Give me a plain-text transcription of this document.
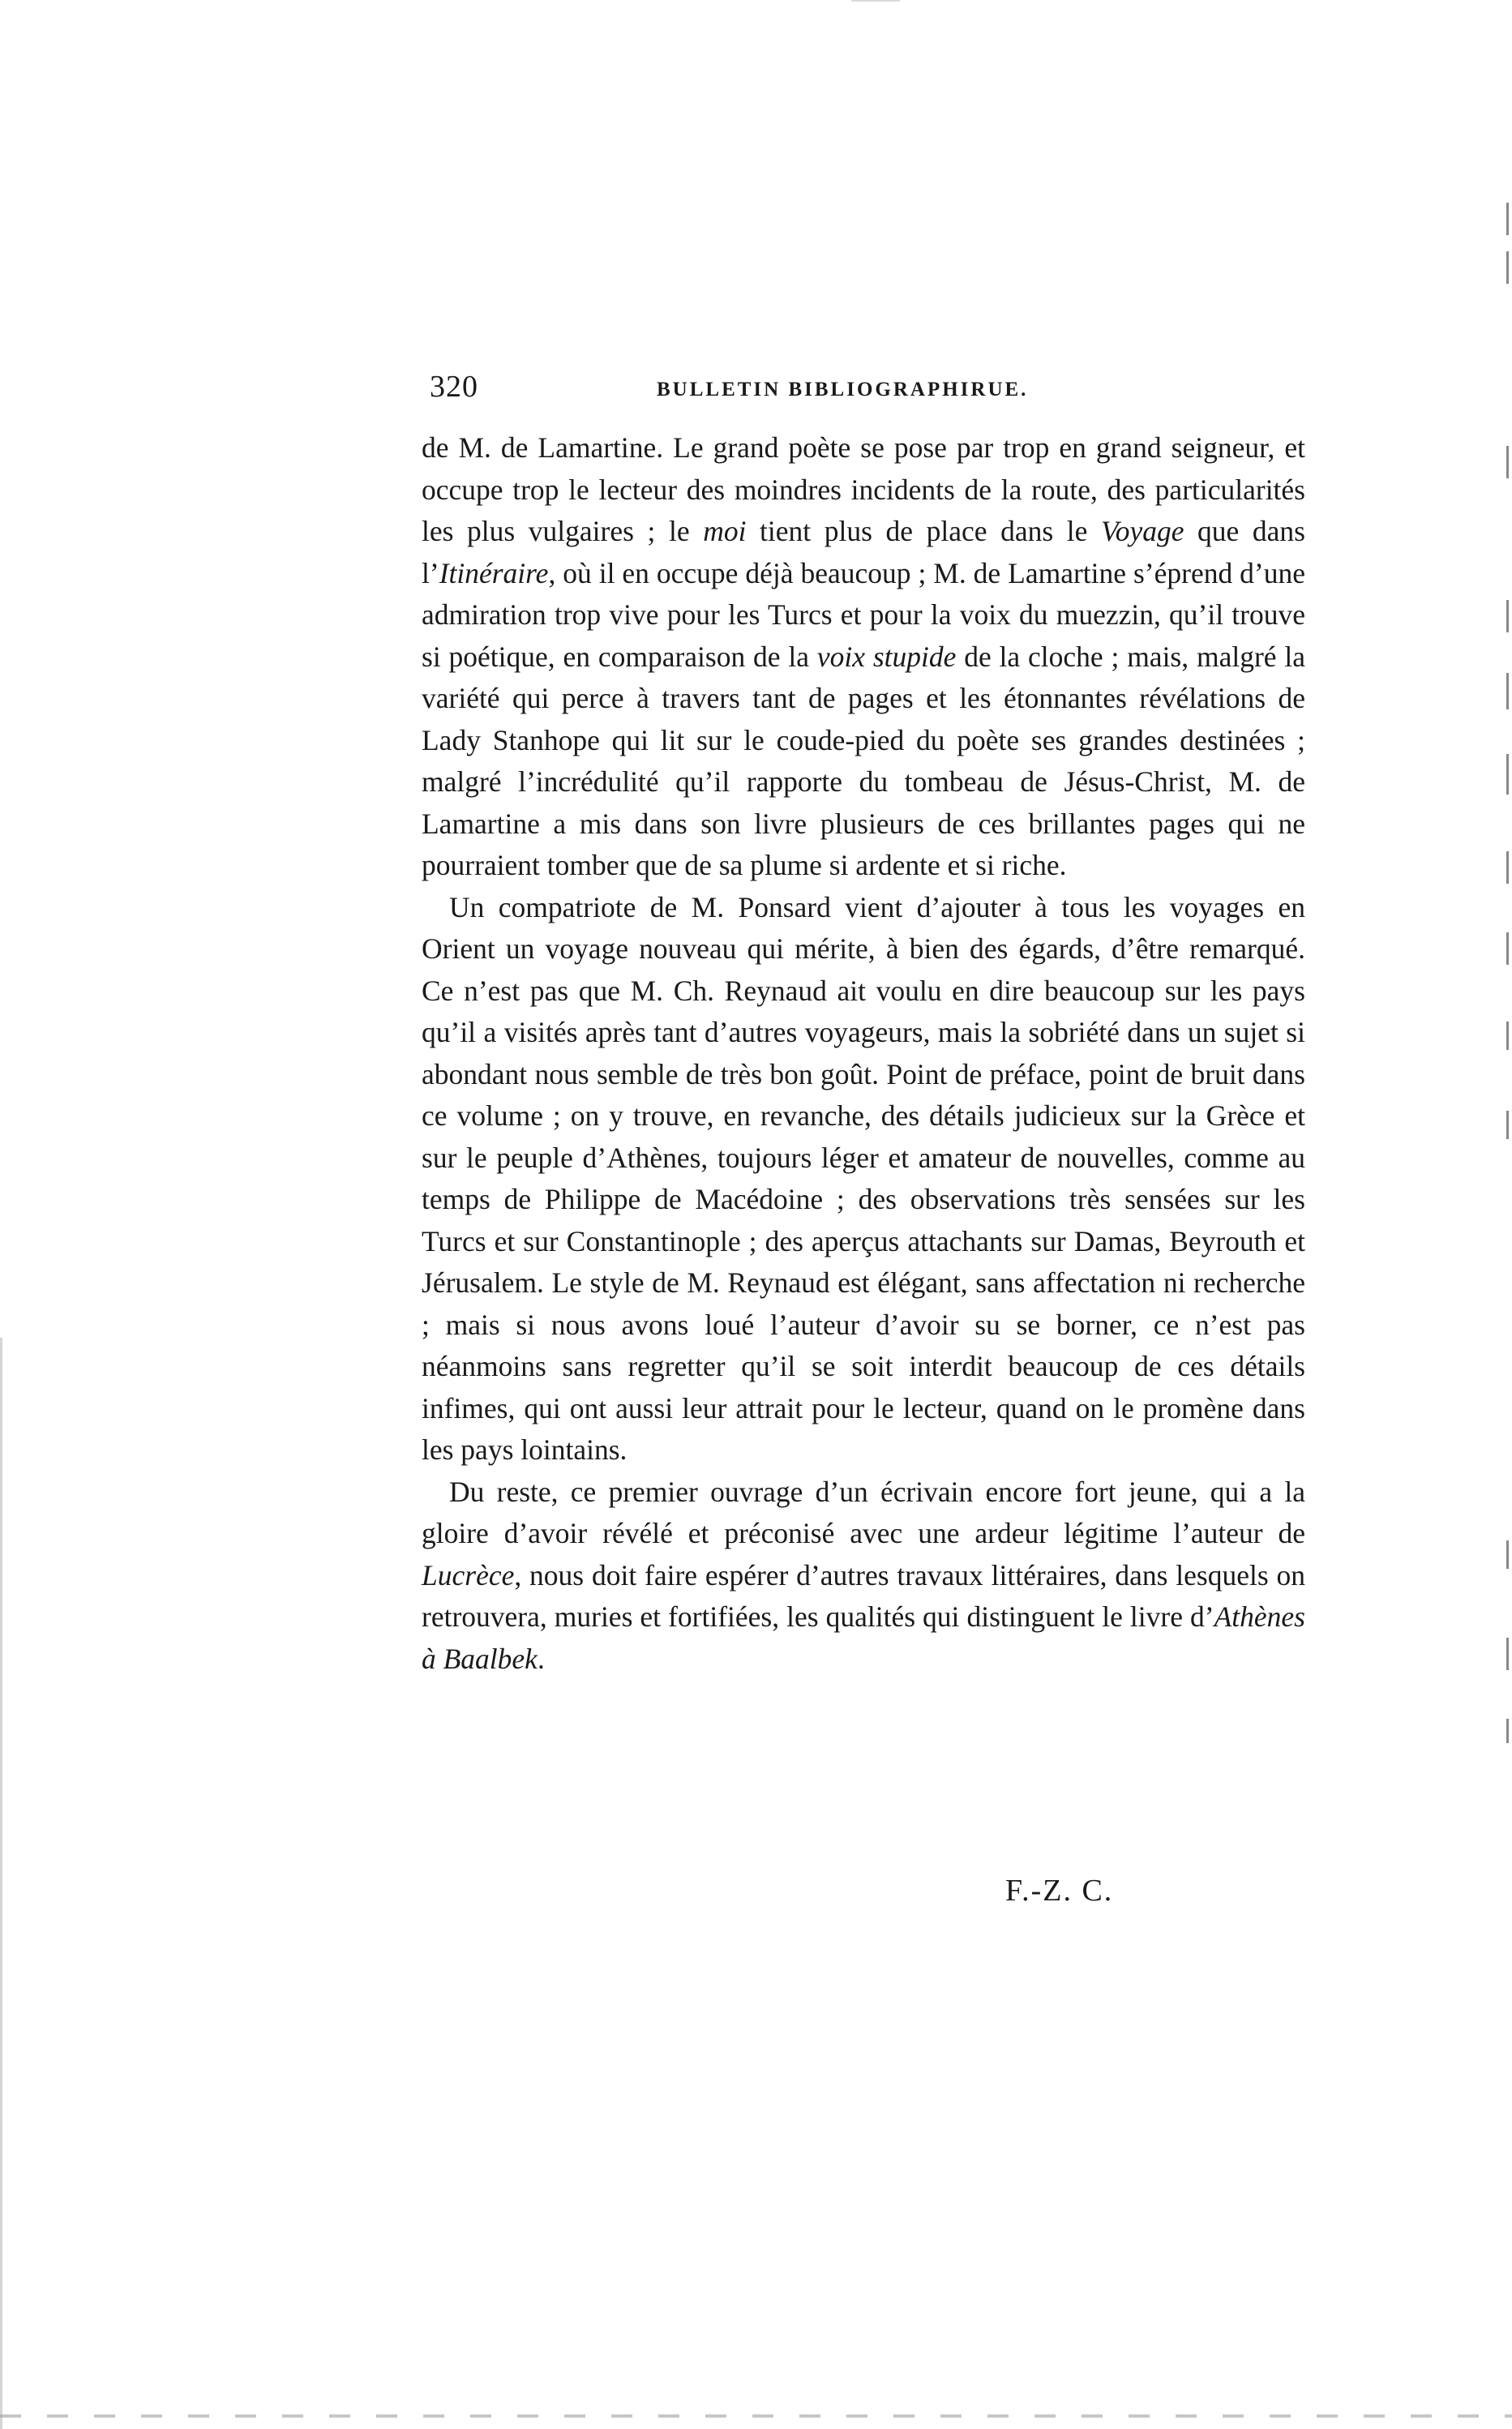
320	BULLETIN BIBLIOGRAPHIRUE.

de M. de Lamartine. Le grand poète se pose par trop en grand seigneur, et occupe trop le lecteur des moindres incidents de la route, des particularités les plus vulgaires ; le moi tient plus de place dans le Voyage que dans l’Itinéraire, où il en occupe déjà beaucoup ; M. de Lamartine s’éprend d’une admiration trop vive pour les Turcs et pour la voix du muezzin, qu’il trouve si poétique, en comparaison de la voix stupide de la cloche ; mais, malgré la variété qui perce à travers tant de pages et les étonnantes révélations de Lady Stanhope qui lit sur le coude-pied du poète ses grandes destinées ; malgré l’incrédulité qu’il rapporte du tombeau de Jésus-Christ, M. de Lamartine a mis dans son livre plusieurs de ces brillantes pages qui ne pourraient tomber que de sa plume si ardente et si riche.

Un compatriote de M. Ponsard vient d’ajouter à tous les voyages en Orient un voyage nouveau qui mérite, à bien des égards, d’être remarqué. Ce n’est pas que M. Ch. Reynaud ait voulu en dire beaucoup sur les pays qu’il a visités après tant d’autres voyageurs, mais la sobriété dans un sujet si abondant nous semble de très bon goût. Point de préface, point de bruit dans ce volume ; on y trouve, en revanche, des détails judicieux sur la Grèce et sur le peuple d’Athènes, toujours léger et amateur de nouvelles, comme au temps de Philippe de Macédoine ; des observations très sensées sur les Turcs et sur Constantinople ; des aperçus attachants sur Damas, Beyrouth et Jérusalem. Le style de M. Reynaud est élégant, sans affectation ni recherche ; mais si nous avons loué l’auteur d’avoir su se borner, ce n’est pas néanmoins sans regretter qu’il se soit interdit beaucoup de ces détails infimes, qui ont aussi leur attrait pour le lecteur, quand on le promène dans les pays lointains.

Du reste, ce premier ouvrage d’un écrivain encore fort jeune, qui a la gloire d’avoir révélé et préconisé avec une ardeur légitime l’auteur de Lucrèce, nous doit faire espérer d’autres travaux littéraires, dans lesquels on retrouvera, muries et fortifiées, les qualités qui distinguent le livre d’Athènes à Baalbek.

F.-Z. C.
